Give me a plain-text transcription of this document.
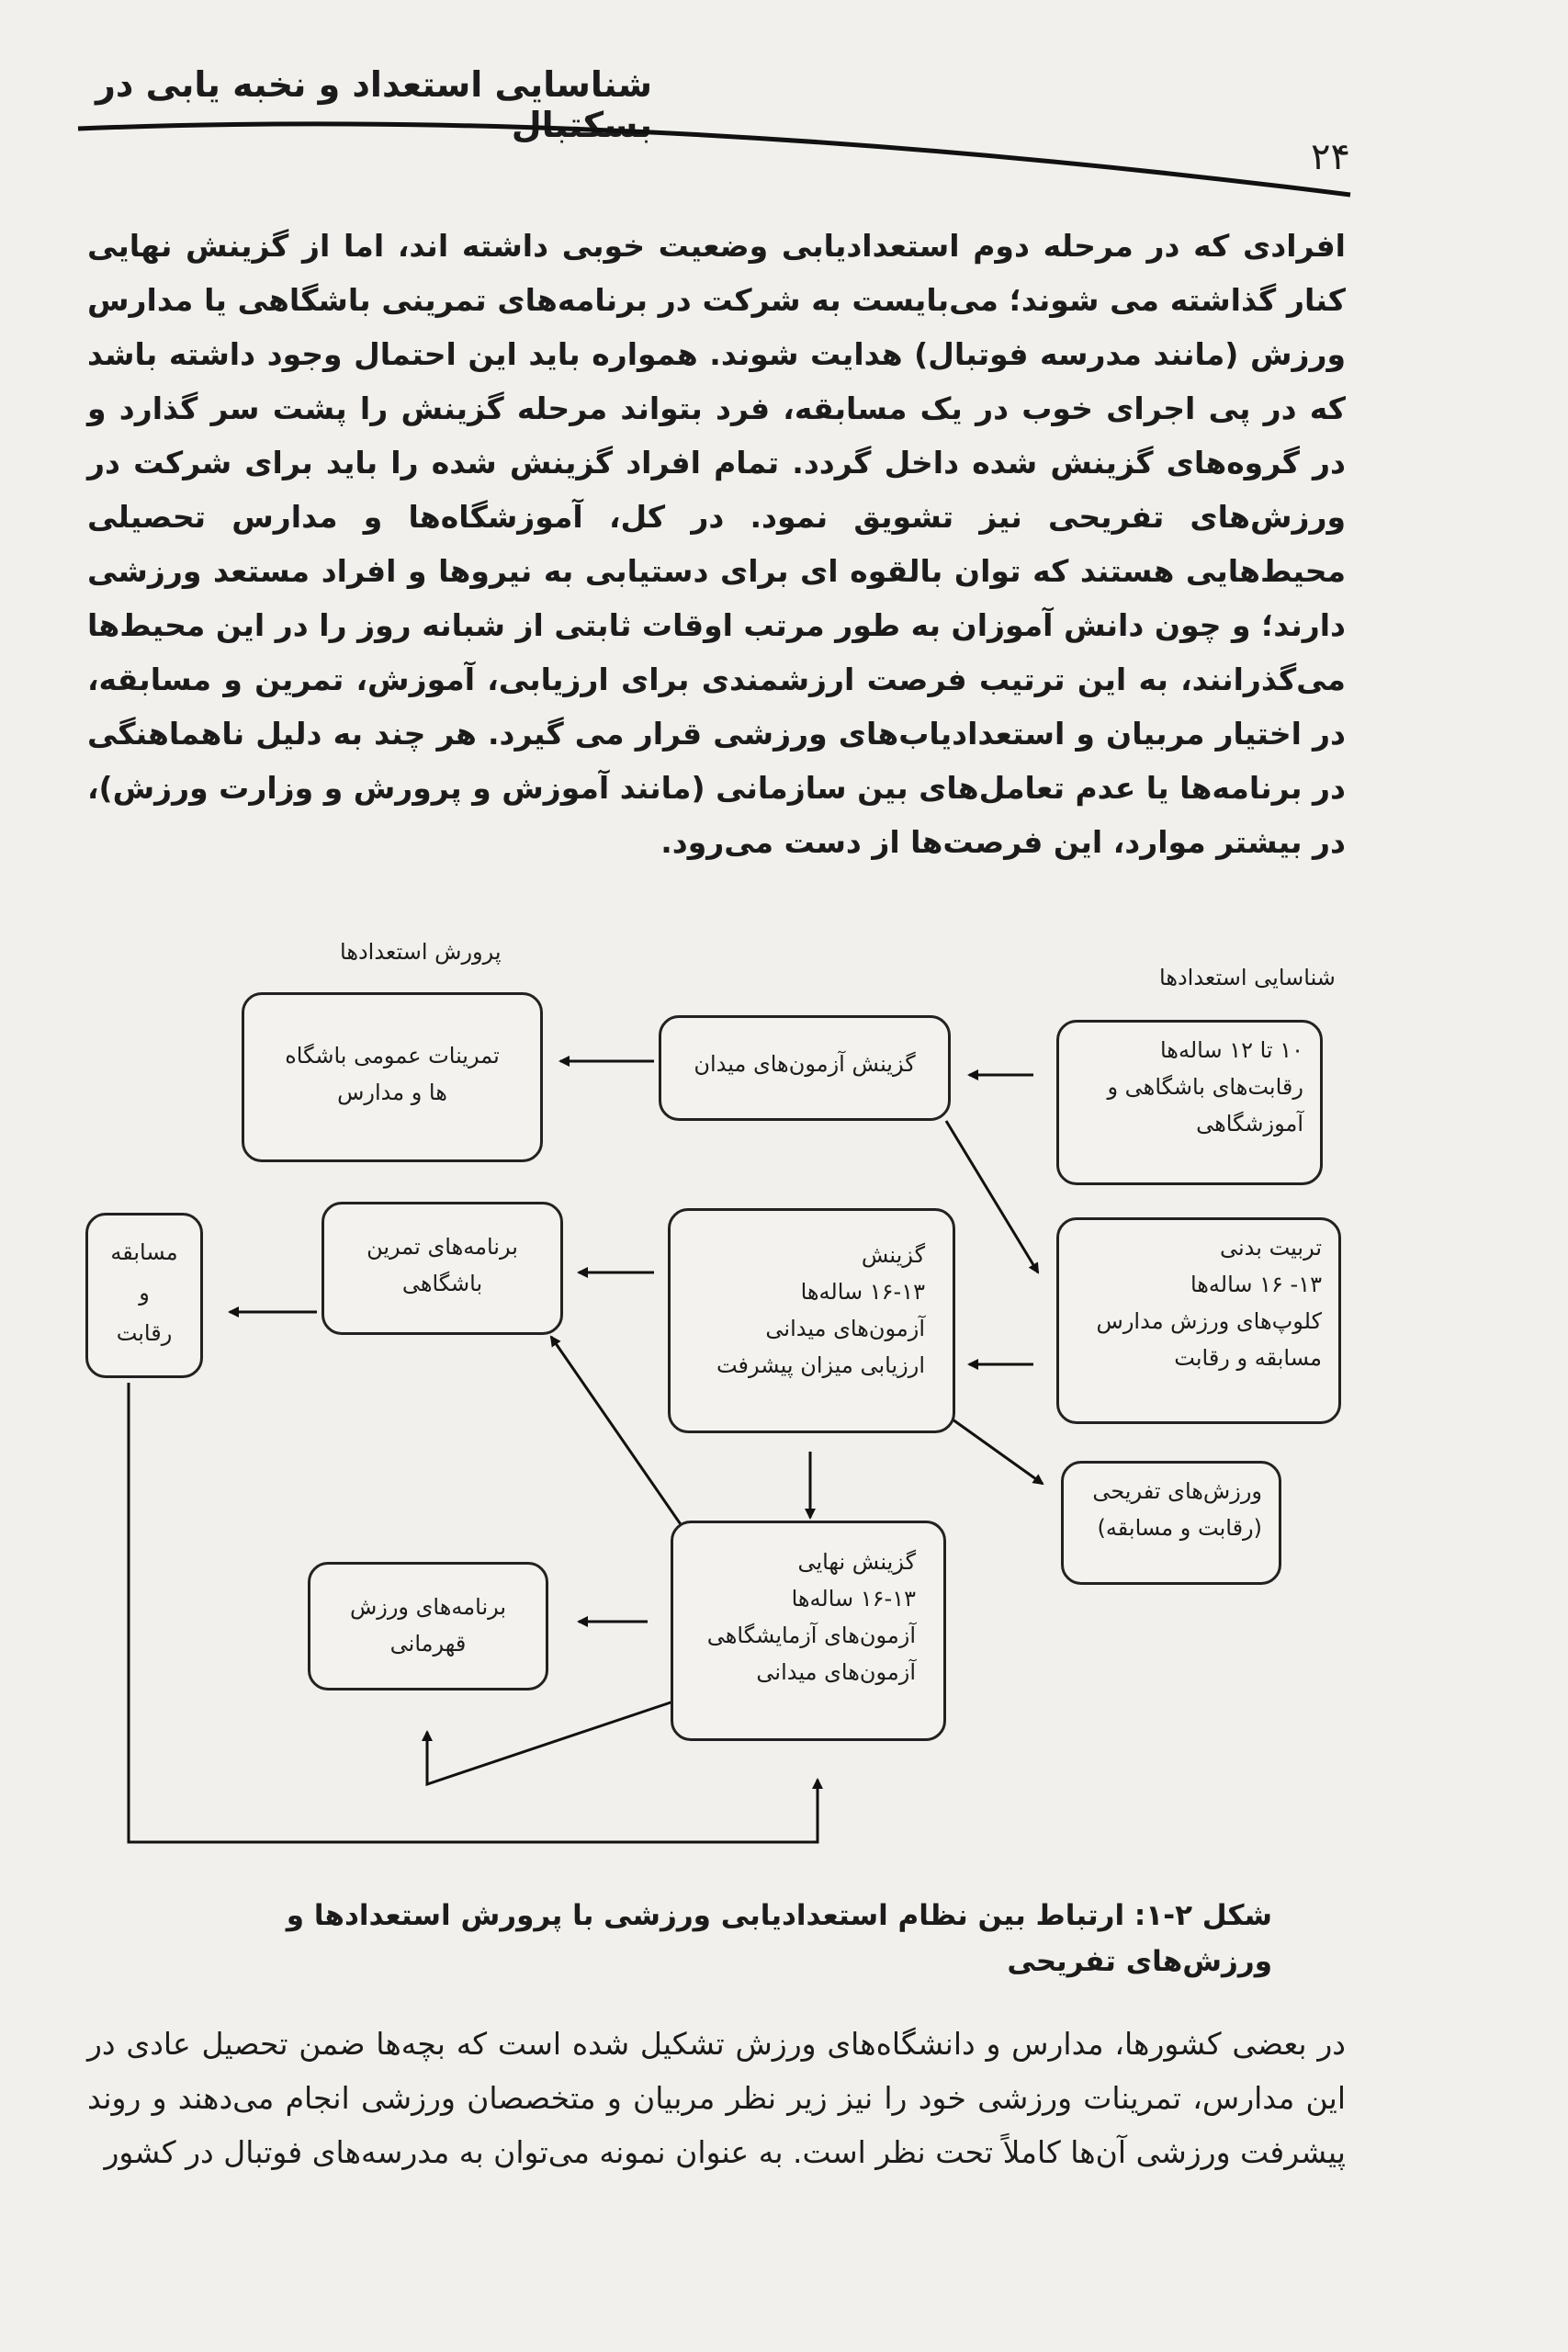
شناسایی استعداد و نخبه یابی در بسکتبال
۲۴
افرادی که در مرحله دوم استعدادیابی وضعیت خوبی داشته اند، اما از گزینش نهایی کنار گذاشته می شوند؛ می‌بایست به شرکت در برنامه‌های تمرینی باشگاهی یا مدارس ورزش (مانند مدرسه فوتبال) هدایت شوند. همواره باید این احتمال وجود داشته باشد که در پی اجرای خوب در یک مسابقه، فرد بتواند مرحله گزینش را پشت سر گذارد و در گروه‌های گزینش شده داخل گردد. تمام افراد گزینش شده را باید برای شرکت در ورزش‌های تفریحی نیز تشویق نمود. در کل، آموزشگاه‌ها و مدارس تحصیلی محیط‌هایی هستند که توان بالقوه ای برای دستیابی به نیروها و افراد مستعد ورزشی دارند؛ و چون دانش آموزان به طور مرتب اوقات ثابتی از شبانه روز را در این محیط‌ها می‌گذرانند، به این ترتیب فرصت ارزشمندی برای ارزیابی، آموزش، تمرین و مسابقه، در اختیار مربیان و استعدادیاب‌های ورزشی قرار می گیرد. هر چند به دلیل ناهماهنگی در برنامه‌ها یا عدم تعامل‌های بین سازمانی (مانند آموزش و پرورش و وزارت ورزش)، در بیشتر موارد، این فرصت‌ها از دست می‌رود.
پرورش استعدادها
شناسایی استعدادها
۱۰ تا ۱۲ ساله‌ها
رقابت‌های باشگاهی و
آموزشگاهی
تربیت بدنی
۱۳- ۱۶ ساله‌ها
کلوپ‌های ورزش مدارس
مسابقه و رقابت
ورزش‌های تفریحی
(رقابت و مسابقه)
گزینش آزمون‌های میدان
گزینش
۱۶-۱۳ ساله‌ها
آزمون‌های میدانی
ارزیابی میزان پیشرفت
گزینش نهایی
۱۶-۱۳ ساله‌ها
آزمون‌های آزمایشگاهی
آزمون‌های میدانی
تمرینات عمومی باشگاه
ها و مدارس
برنامه‌های تمرین
باشگاهی
برنامه‌های ورزش
قهرمانی
مسابقه
و
رقابت
شکل ۲-۱: ارتباط بین نظام استعدادیابی ورزشی با پرورش استعدادها و ورزش‌های تفریحی
در بعضی کشورها، مدارس و دانشگاه‌های ورزش تشکیل شده است که بچه‌ها ضمن تحصیل عادی در این مدارس، تمرینات ورزشی خود را نیز زیر نظر مربیان و متخصصان ورزشی انجام می‌دهند و روند پیشرفت ورزشی آن‌ها کاملاً تحت نظر است. به عنوان نمونه می‌توان به مدرسه‌های فوتبال در کشور
